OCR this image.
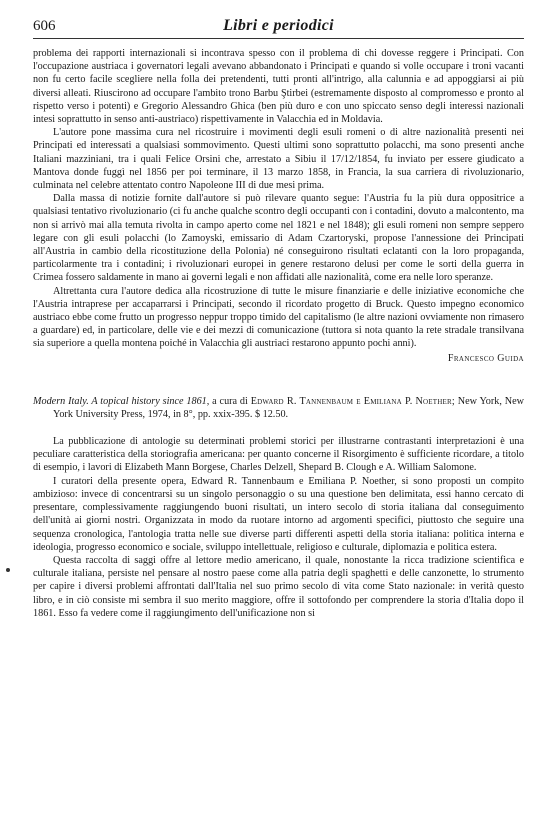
606	Libri e periodici

problema dei rapporti internazionali si incontrava spesso con il problema di chi dovesse reggere i Principati. Con l'occupazione austriaca i governatori legali avevano abbandonato i Principati e quando si volle occupare i troni vacanti non fu certo facile scegliere nella folla dei pretendenti, tutti pronti all'intrigo, alla calunnia e ad appoggiarsi ai più diversi alleati. Riuscirono ad occupare l'ambito trono Barbu Ştirbei (estremamente disposto al compromesso e pronto al rispetto verso i potenti) e Gregorio Alessandro Ghica (ben più duro e con uno spiccato senso degli interessi nazionali intesi soprattutto in senso anti-austriaco) rispettivamente in Valacchia ed in Moldavia.

L'autore pone massima cura nel ricostruire i movimenti degli esuli romeni o di altre nazionalità presenti nei Principati ed interessati a qualsiasi sommovimento. Questi ultimi sono soprattutto polacchi, ma sono presenti anche Italiani mazziniani, tra i quali Felice Orsini che, arrestato a Sibiu il 17/12/1854, fu inviato per essere giudicato a Mantova donde fuggì nel 1856 per poi terminare, il 13 marzo 1858, in Francia, la sua carriera di rivoluzionario, culminata nel celebre attentato contro Napoleone III di due mesi prima.

Dalla massa di notizie fornite dall'autore si può rilevare quanto segue: l'Austria fu la più dura oppositrice a qualsiasi tentativo rivoluzionario (ci fu anche qualche scontro degli occupanti con i contadini, dovuto a malcontento, ma non si arrivò mai alla temuta rivolta in campo aperto come nel 1821 e nel 1848); gli esuli romeni non sempre seppero legare con gli esuli polacchi (lo Zamoyski, emissario di Adam Czartoryski, propose l'annessione dei Principati all'Austria in cambio della ricostituzione della Polonia) né conseguirono risultati eclatanti con la loro propaganda, particolarmente tra i contadini; i rivoluzionari europei in genere restarono delusi per come le sorti della guerra in Crimea fossero saldamente in mano ai governi legali e non affidati alle nazionalità, come era nelle loro speranze.

Altrettanta cura l'autore dedica alla ricostruzione di tutte le misure finanziarie e delle iniziative economiche che l'Austria intraprese per accaparrarsi i Principati, secondo il ricordato progetto di Bruck. Questo impegno economico austriaco ebbe come frutto un progresso neppur troppo timido del capitalismo (le altre nazioni ovviamente non rimasero a guardare) ed, in particolare, delle vie e dei mezzi di comunicazione (tuttora si nota quanto la rete stradale transilvana sia superiore a quella montena poiché in Valacchia gli austriaci restarono appunto pochi anni).

Francesco Guida
Modern Italy. A topical history since 1861, a cura di Edward R. Tannenbaum e Emiliana P. Noether; New York, New York University Press, 1974, in 8°, pp. xxix-395. $ 12.50.

La pubblicazione di antologie su determinati problemi storici per illustrarne contrastanti interpretazioni è una peculiare caratteristica della storiografia americana: per quanto concerne il Risorgimento è sufficiente ricordare, a titolo di esempio, i lavori di Elizabeth Mann Borgese, Charles Delzell, Shepard B. Clough e A. William Salomone.

I curatori della presente opera, Edward R. Tannenbaum e Emiliana P. Noether, si sono proposti un compito ambizioso: invece di concentrarsi su un singolo personaggio o su una questione ben delimitata, essi hanno cercato di presentare, complessivamente raggiungendo buoni risultati, un intero secolo di storia italiana dal conseguimento dell'unità ai giorni nostri. Organizzata in modo da ruotare intorno ad argomenti specifici, piuttosto che seguire una sequenza cronologica, l'antologia tratta nelle sue diverse parti differenti aspetti della storia italiana: politica interna e ideologia, progresso economico e sociale, sviluppo intellettuale, religioso e culturale, diplomazia e politica estera.

Questa raccolta di saggi offre al lettore medio americano, il quale, nonostante la ricca tradizione scientifica e culturale italiana, persiste nel pensare al nostro paese come alla patria degli spaghetti e delle canzonette, lo strumento per capire i diversi problemi affrontati dall'Italia nel suo primo secolo di vita come Stato nazionale: in verità questo libro, e in ciò consiste mi sembra il suo merito maggiore, offre il sottofondo per comprendere la storia d'Italia dopo il 1861. Esso fa vedere come il raggiungimento dell'unificazione non si
